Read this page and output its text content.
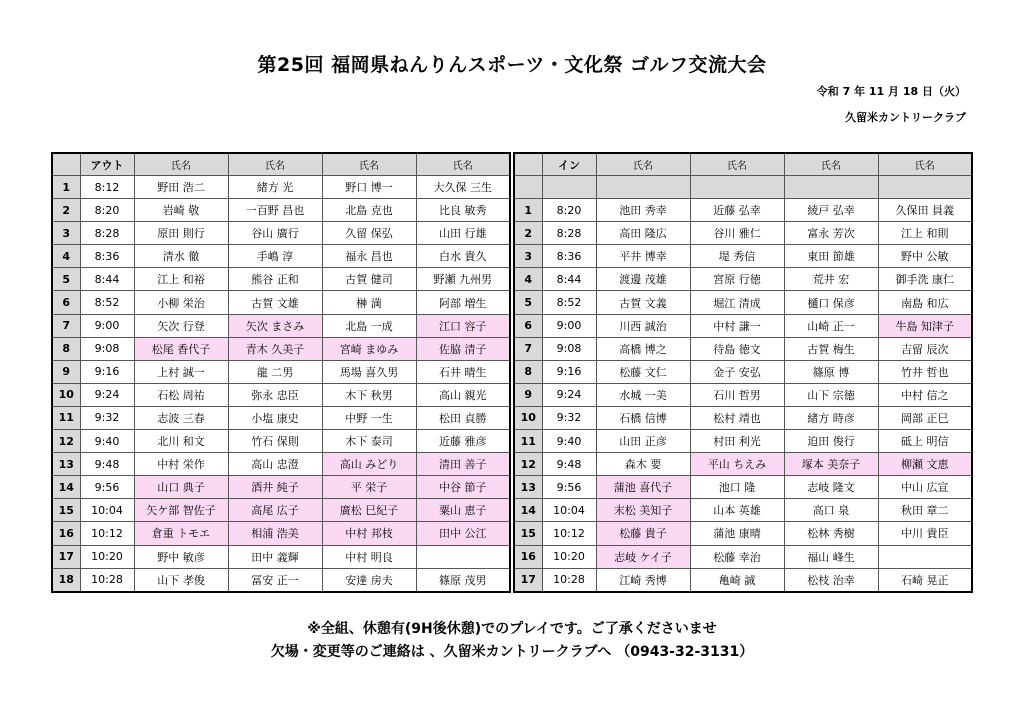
第25回 福岡県ねんりんスポーツ・文化祭 ゴルフ交流大会
令和 7 年 11 月 18 日（火）
久留米カントリークラブ
	アウト	氏名	氏名	氏名	氏名
1	8:12	野田 浩二	緒方 光	野口 博一	大久保 三生
2	8:20	岩崎 敬	一百野 昌也	北島 克也	比良 敏秀
3	8:28	原田 則行	谷山 廣行	久留 保弘	山田 行雄
4	8:36	清水 徹	手嶋 淳	福永 昌也	白水 貴久
5	8:44	江上 和裕	熊谷 正和	古賀 健司	野瀬 九州男
6	8:52	小柳 栄治	古賀 文雄	榊 満	阿部 増生
7	9:00	矢次 行登	矢次 まさみ	北島 一成	江口 容子
8	9:08	松尾 香代子	青木 久美子	宮崎 まゆみ	佐脇 清子
9	9:16	上村 誠一	龍 二男	馬場 喜久男	石井 晴生
10	9:24	石松 周祐	弥永 忠臣	木下 秋男	高山 親光
11	9:32	志波 三春	小塩 康史	中野 一生	松田 貞勝
12	9:40	北川 和文	竹石 保則	木下 泰司	近藤 雅彦
13	9:48	中村 栄作	高山 忠澄	高山 みどり	清田 善子
14	9:56	山口 典子	酒井 純子	平 栄子	中谷 節子
15	10:04	矢ケ部 智佐子	高尾 広子	廣松 巳紀子	粟山 恵子
16	10:12	倉重 トモエ	相浦 浩美	中村 邦枝	田中 公江
17	10:20	野中 敏彦	田中 義輝	中村 明良	
18	10:28	山下 孝俊	冨安 正一	安達 房夫	篠原 茂男
	イン	氏名	氏名	氏名	氏名

1	8:20	池田 秀幸	近藤 弘幸	綾戸 弘幸	久保田 員義
2	8:28	高田 隆広	谷川 雅仁	富永 芳次	江上 和則
3	8:36	平井 博幸	堤 秀信	東田 節雄	野中 公敏
4	8:44	渡邊 茂雄	宮原 行徳	荒井 宏	御手洗 康仁
5	8:52	古賀 文義	堀江 清成	樋口 保彦	南島 和広
6	9:00	川西 誠治	中村 謙一	山崎 正一	牛島 知津子
7	9:08	高橋 博之	待島 徳文	古賀 梅生	吉留 辰次
8	9:16	松藤 文仁	金子 安弘	篠原 博	竹井 哲也
9	9:24	水城 一美	石川 哲男	山下 宗徳	中村 信之
10	9:32	石橋 信博	松村 靖也	緒方 時彦	岡部 正巳
11	9:40	山田 正彦	村田 利光	迫田 俊行	砥上 明信
12	9:48	森木 要	平山 ちえみ	塚本 美奈子	柳瀬 文恵
13	9:56	蒲池 喜代子	池口 隆	志岐 隆文	中山 広宣
14	10:04	末松 美知子	山本 英雄	高口 泉	秋田 章二
15	10:12	松藤 貴子	蒲池 康晴	松林 秀樹	中川 貴臣
16	10:20	志岐 ケイ子	松藤 幸治	福山 峰生	
17	10:28	江崎 秀博	亀崎 誠	松枝 治幸	石崎 晃正
※全組、休憩有(9H後休憩)でのプレイです。ご了承くださいませ
欠場・変更等のご連絡は 、久留米カントリークラブへ （0943-32-3131）
